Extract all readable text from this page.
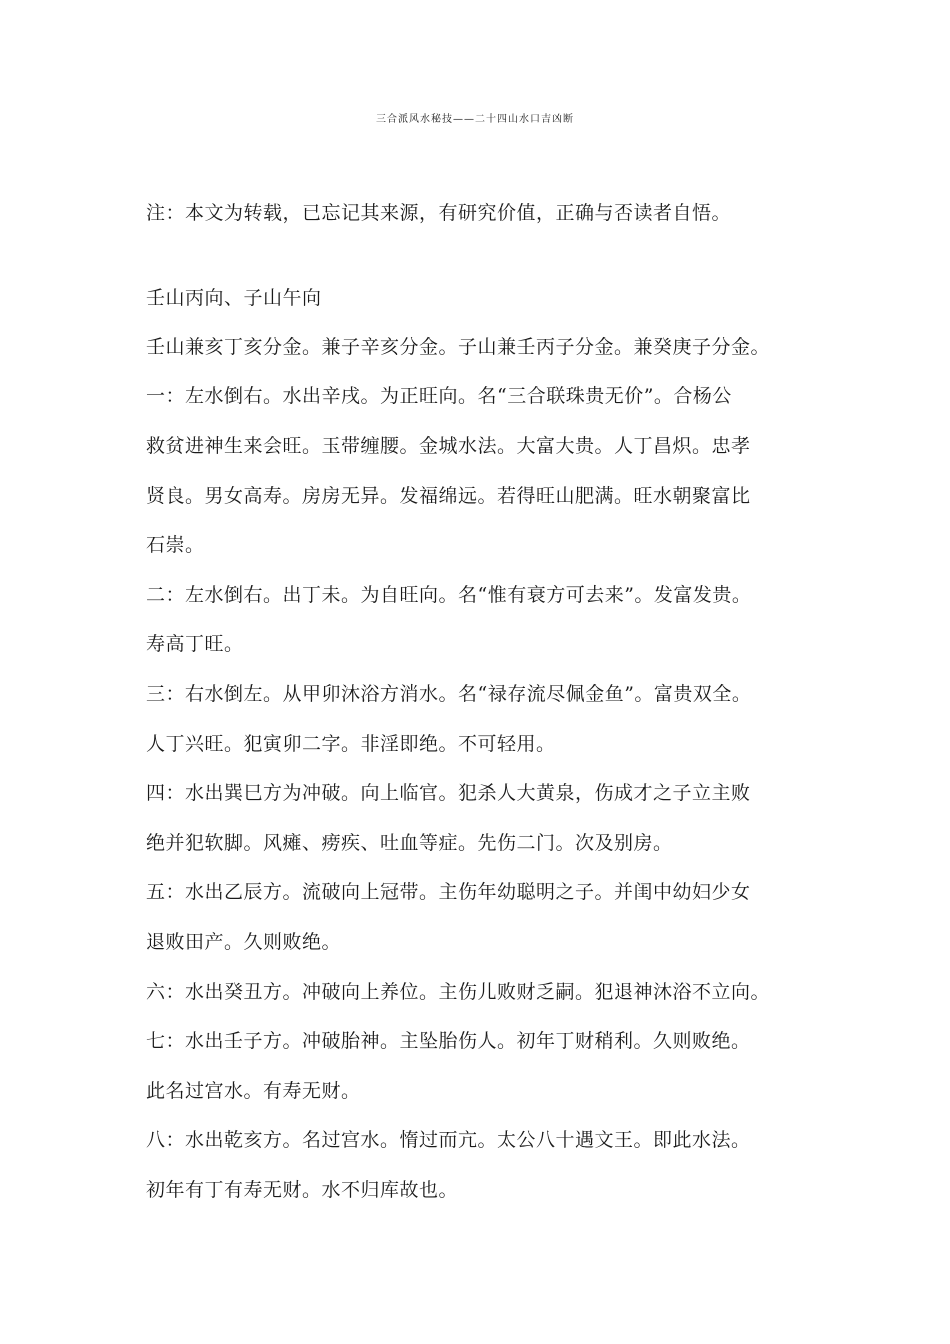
三合派风水秘技——二十四山水口吉凶断
注：本文为转载，已忘记其来源，有研究价值，正确与否读者自悟。
壬山丙向、子山午向
壬山兼亥丁亥分金。兼子辛亥分金。子山兼壬丙子分金。兼癸庚子分金。
一：左水倒右。水出辛戌。为正旺向。名“三合联珠贵无价”。合杨公
救贫进神生来会旺。玉带缠腰。金城水法。大富大贵。人丁昌炽。忠孝
贤良。男女高寿。房房无异。发福绵远。若得旺山肥满。旺水朝聚富比
石崇。
二：左水倒右。出丁未。为自旺向。名“惟有衰方可去来”。发富发贵。
寿高丁旺。
三：右水倒左。从甲卯沐浴方消水。名“禄存流尽佩金鱼”。富贵双全。
人丁兴旺。犯寅卯二字。非淫即绝。不可轻用。
四：水出巽巳方为冲破。向上临官。犯杀人大黄泉，伤成才之子立主败
绝并犯软脚。风瘫、痨疾、吐血等症。先伤二门。次及别房。
五：水出乙辰方。流破向上冠带。主伤年幼聪明之子。并闺中幼妇少女
退败田产。久则败绝。
六：水出癸丑方。冲破向上养位。主伤儿败财乏嗣。犯退神沐浴不立向。
七：水出壬子方。冲破胎神。主坠胎伤人。初年丁财稍利。久则败绝。
此名过宫水。有寿无财。
八：水出乾亥方。名过宫水。惰过而亢。太公八十遇文王。即此水法。
初年有丁有寿无财。水不归库故也。
